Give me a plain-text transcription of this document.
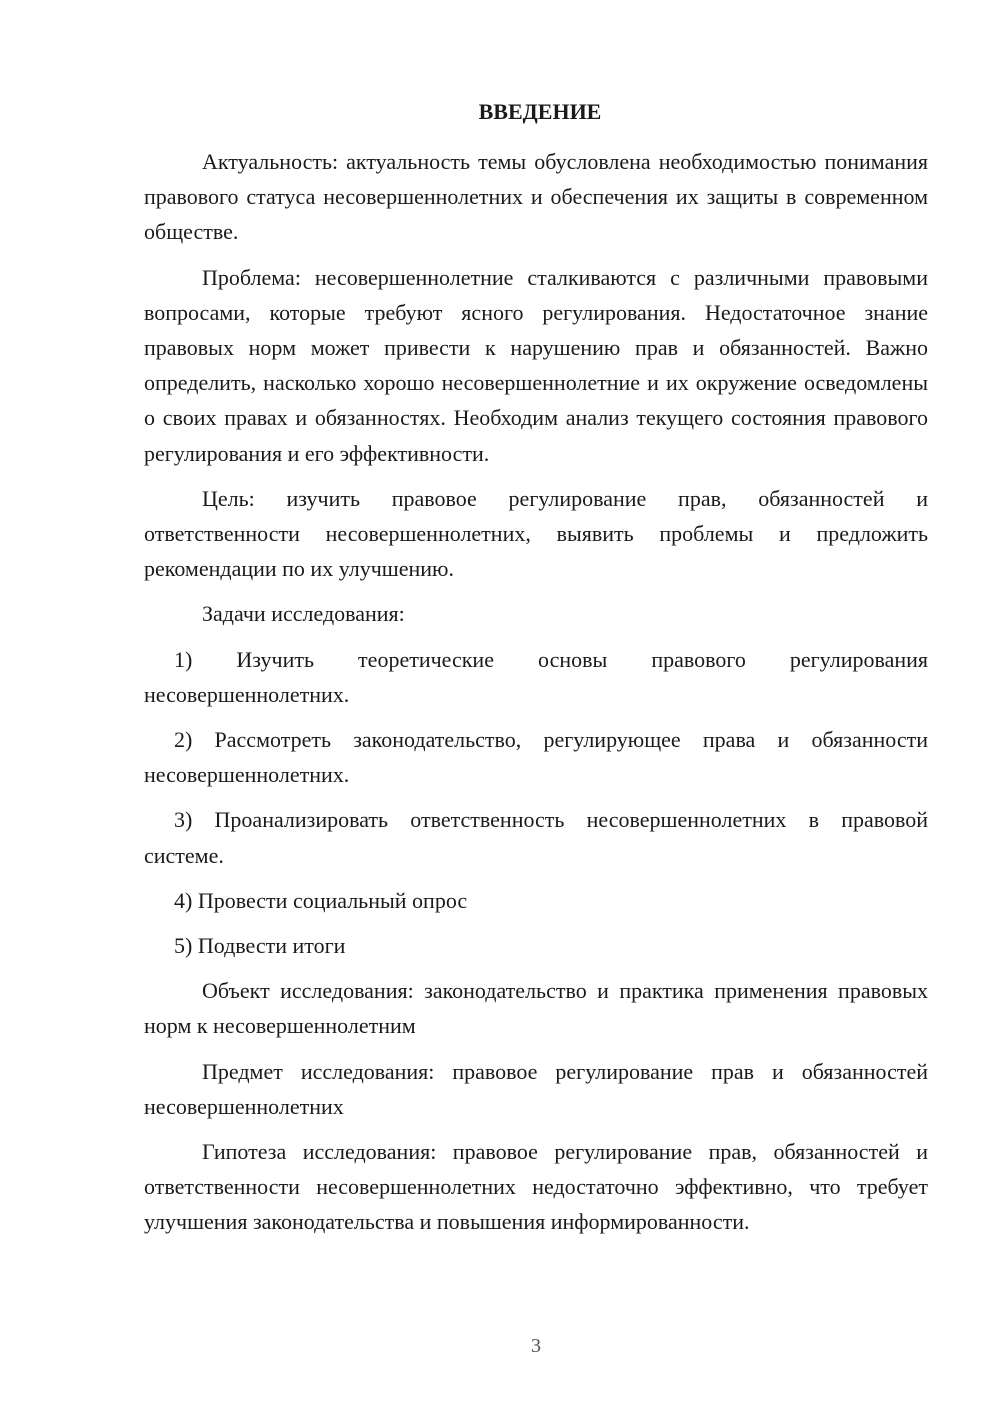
ВВЕДЕНИЕ

Актуальность: актуальность темы обусловлена необходимостью понимания правового статуса несовершеннолетних и обеспечения их защиты в современном обществе.

Проблема: несовершеннолетние сталкиваются с различными правовыми вопросами, которые требуют ясного регулирования. Недостаточное знание правовых норм может привести к нарушению прав и обязанностей. Важно определить, насколько хорошо несовершеннолетние и их окружение осведомлены о своих правах и обязанностях. Необходим анализ текущего состояния правового регулирования и его эффективности.

Цель: изучить правовое регулирование прав, обязанностей и ответственности несовершеннолетних, выявить проблемы и предложить рекомендации по их улучшению.

Задачи исследования:

1) Изучить теоретические основы правового регулирования несовершеннолетних.

2) Рассмотреть законодательство, регулирующее права и обязанности несовершеннолетних.

3) Проанализировать ответственность несовершеннолетних в правовой системе.

4) Провести социальный опрос

5) Подвести итоги

Объект исследования: законодательство и практика применения правовых норм к несовершеннолетним

Предмет исследования: правовое регулирование прав и обязанностей несовершеннолетних

Гипотеза исследования: правовое регулирование прав, обязанностей и ответственности несовершеннолетних недостаточно эффективно, что требует улучшения законодательства и повышения информированности.

3
